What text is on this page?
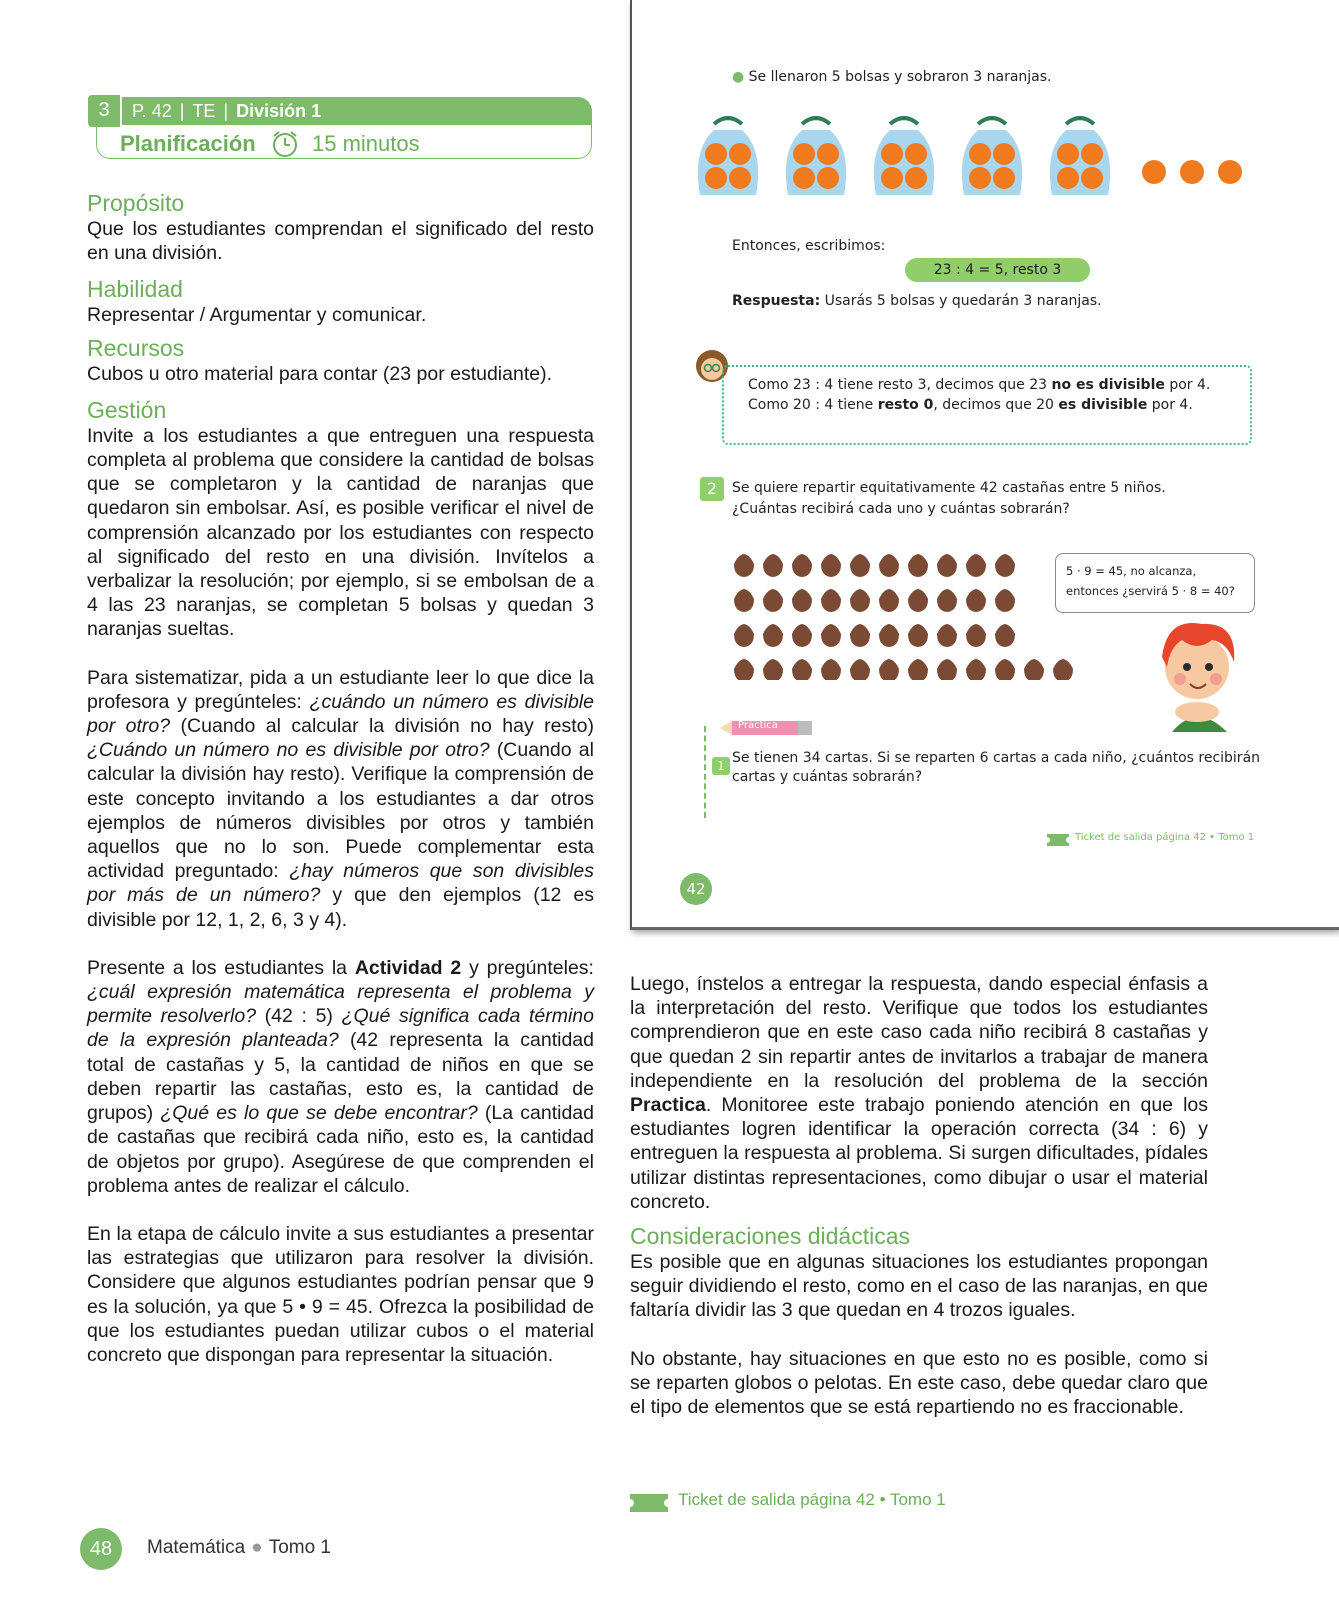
3	P. 42 | TE | División 1
Planificación	15 minutos
Propósito

Que los estudiantes comprendan el significado del resto en una división.

Habilidad

Representar / Argumentar y comunicar.

Recursos

Cubos u otro material para contar (23 por estudiante).

Gestión

Invite a los estudiantes a que entreguen una respuesta completa al problema que considere la cantidad de bolsas que se completaron y la cantidad de naranjas que quedaron sin embolsar. Así, es posible verificar el nivel de comprensión alcanzado por los estudiantes con respecto al significado del resto en una división. Invítelos a verbalizar la resolución; por ejemplo, si se embolsan de a 4 las 23 naranjas, se completan 5 bolsas y quedan 3 naranjas sueltas.

Para sistematizar, pida a un estudiante leer lo que dice la profesora y pregúnteles: ¿cuándo un número es divisible por otro? (Cuando al calcular la división no hay resto) ¿Cuándo un número no es divisible por otro? (Cuando al calcular la división hay resto). Verifique la comprensión de este concepto invitando a los estudiantes a dar otros ejemplos de números divisibles por otros y también aquellos que no lo son. Puede complementar esta actividad preguntado: ¿hay números que son divisibles por más de un número? y que den ejemplos (12 es divisible por 12, 1, 2, 6, 3 y 4).

Presente a los estudiantes la Actividad 2 y pregúnteles: ¿cuál expresión matemática representa el problema y permite resolverlo? (42 : 5) ¿Qué significa cada término de la expresión planteada? (42 representa la cantidad total de castañas y 5, la cantidad de niños en que se deben repartir las castañas, esto es, la cantidad de grupos) ¿Qué es lo que se debe encontrar? (La cantidad de castañas que recibirá cada niño, esto es, la cantidad de objetos por grupo). Asegúrese de que comprenden el problema antes de realizar el cálculo.

En la etapa de cálculo invite a sus estudiantes a presentar las estrategias que utilizaron para resolver la división. Considere que algunos estudiantes podrían pensar que 9 es la solución, ya que 5 • 9 = 45. Ofrezca la posibilidad de que los estudiantes puedan utilizar cubos o el material concreto que dispongan para representar la situación.

● Se llenaron 5 bolsas y sobraron 3 naranjas.
Entonces, escribimos:
23 : 4 = 5, resto 3
Respuesta: Usarás 5 bolsas y quedarán 3 naranjas.
Como 23 : 4 tiene resto 3, decimos que 23 no es divisible por 4.
Como 20 : 4 tiene resto 0, decimos que 20 es divisible por 4.
2	Se quiere repartir equitativamente 42 castañas entre 5 niños.
¿Cuántas recibirá cada uno y cuántas sobrarán?
5 · 9 = 45, no alcanza,
entonces ¿servirá 5 · 8 = 40?
Practica
1 Se tienen 34 cartas. Si se reparten 6 cartas a cada niño, ¿cuántos recibirán
cartas y cuántas sobrarán?
Ticket de salida página 42 • Tomo 1
42

Luego, ínstelos a entregar la respuesta, dando especial énfasis a la interpretación del resto. Verifique que todos los estudiantes comprendieron que en este caso cada niño recibirá 8 castañas y que quedan 2 sin repartir antes de invitarlos a trabajar de manera independiente en la resolución del problema de la sección Practica. Monitoree este trabajo poniendo atención en que los estudiantes logren identificar la operación correcta (34 : 6) y entreguen la respuesta al problema. Si surgen dificultades, pídales utilizar distintas representaciones, como dibujar o usar el material concreto.

Consideraciones didácticas

Es posible que en algunas situaciones los estudiantes propongan seguir dividiendo el resto, como en el caso de las naranjas, en que faltaría dividir las 3 que quedan en 4 trozos iguales.

No obstante, hay situaciones en que esto no es posible, como si se reparten globos o pelotas. En este caso, debe quedar claro que el tipo de elementos que se está repartiendo no es fraccionable.

Ticket de salida página 42 • Tomo 1
48	Matemática ● Tomo 1
